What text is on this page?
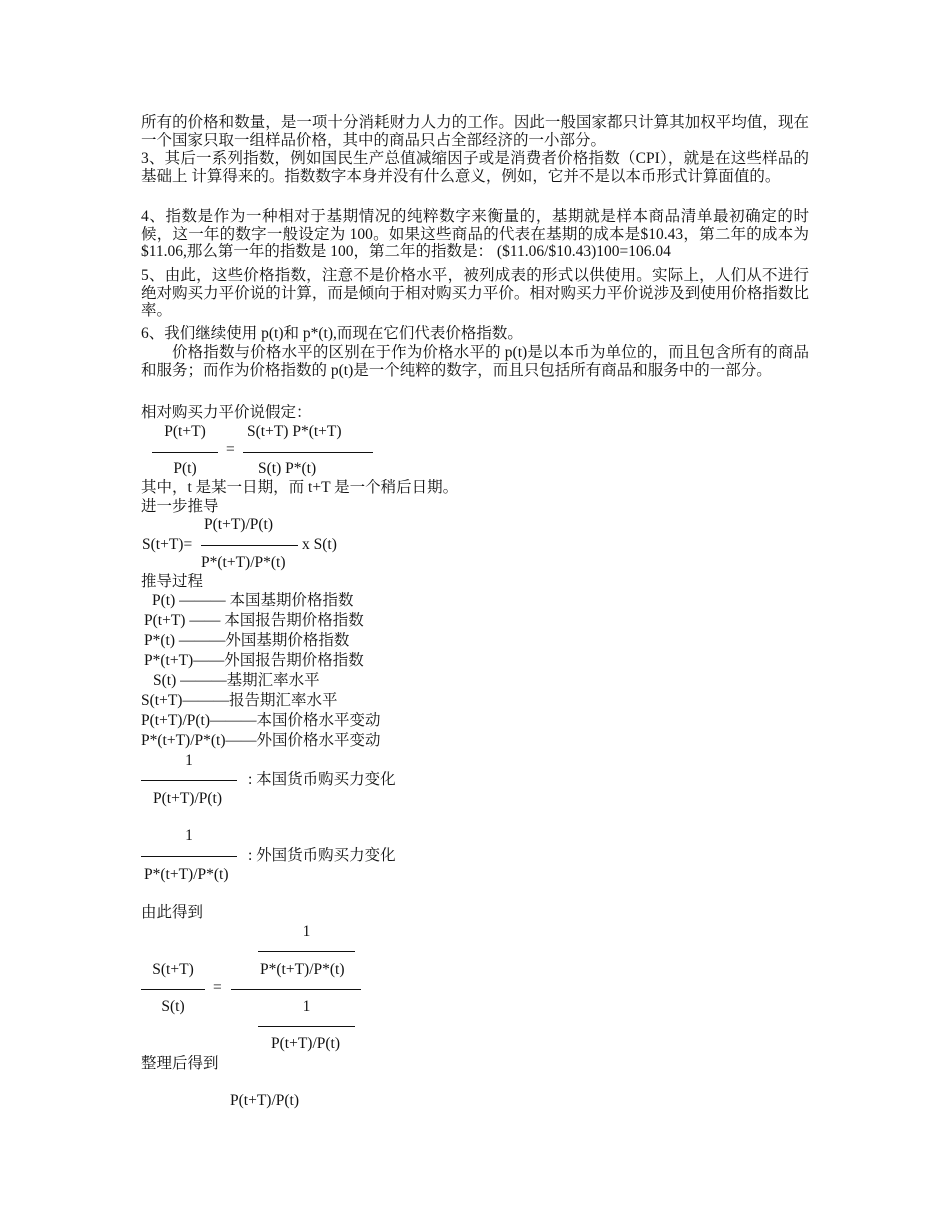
所有的价格和数量，是一项十分消耗财力人力的工作。因此一般国家都只计算其加权平均值，现在一个国家只取一组样品价格，其中的商品只占全部经济的一小部分。

3、其后一系列指数，例如国民生产总值减缩因子或是消费者价格指数（CPI），就是在这些样品的基础上 计算得来的。指数数字本身并没有什么意义，例如，它并不是以本币形式计算面值的。

4、指数是作为一种相对于基期情况的纯粹数字来衡量的，基期就是样本商品清单最初确定的时候，这一年的数字一般设定为 100。如果这些商品的代表在基期的成本是$10.43，第二年的成本为$11.06,那么第一年的指数是 100，第二年的指数是： ($11.06/$10.43)100=106.04

5、由此，这些价格指数，注意不是价格水平，被列成表的形式以供使用。实际上，人们从不进行绝对购买力平价说的计算，而是倾向于相对购买力平价。相对购买力平价说涉及到使用价格指数比率。

6、我们继续使用 p(t)和 p*(t),而现在它们代表价格指数。

价格指数与价格水平的区别在于作为价格水平的 p(t)是以本币为单位的，而且包含所有的商品和服务；而作为价格指数的 p(t)是一个纯粹的数字，而且只包括所有商品和服务中的一部分。

相对购买力平价说假定：

P(t+T)
P(t)
=
S(t+T) P*(t+T)
S(t) P*(t)

其中，t 是某一日期，而 t+T 是一个稍后日期。

进一步推导

P(t+T)/P(t)
S(t+T)=	x S(t)
P*(t+T)/P*(t)

推导过程

P(t) ——— 本国基期价格指数
P(t+T) —— 本国报告期价格指数
P*(t) ———外国基期价格指数
P*(t+T)——外国报告期价格指数
S(t) ———基期汇率水平
S(t+T)———报告期汇率水平
P(t+T)/P(t)———本国价格水平变动
P*(t+T)/P*(t)——外国价格水平变动
1
: 本国货币购买力变化
P(t+T)/P(t)
1
: 外国货币购买力变化
P*(t+T)/P*(t)

由此得到

1
P*(t+T)/P*(t)
S(t+T)
=
S(t)	1
P(t+T)/P(t)

整理后得到

P(t+T)/P(t)
